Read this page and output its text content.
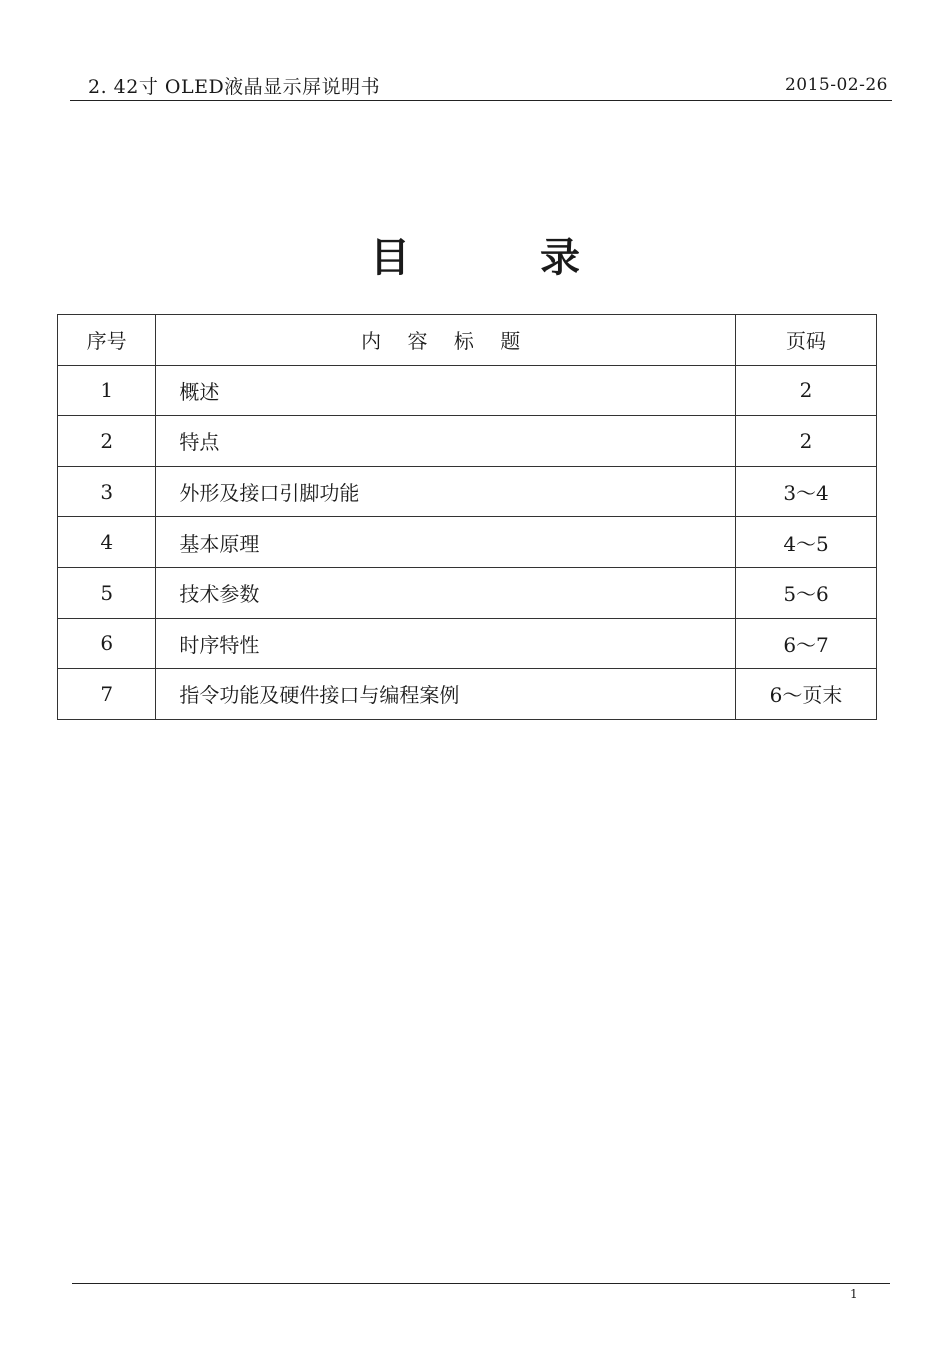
2. 42寸 OLED液晶显示屏说明书	2015-02-26
目 录
序号	内 容 标 题	页码
1	概述	2
2	特点	2
3	外形及接口引脚功能	3～4
4	基本原理	4～5
5	技术参数	5～6
6	时序特性	6～7
7	指令功能及硬件接口与编程案例	6～页末
1
